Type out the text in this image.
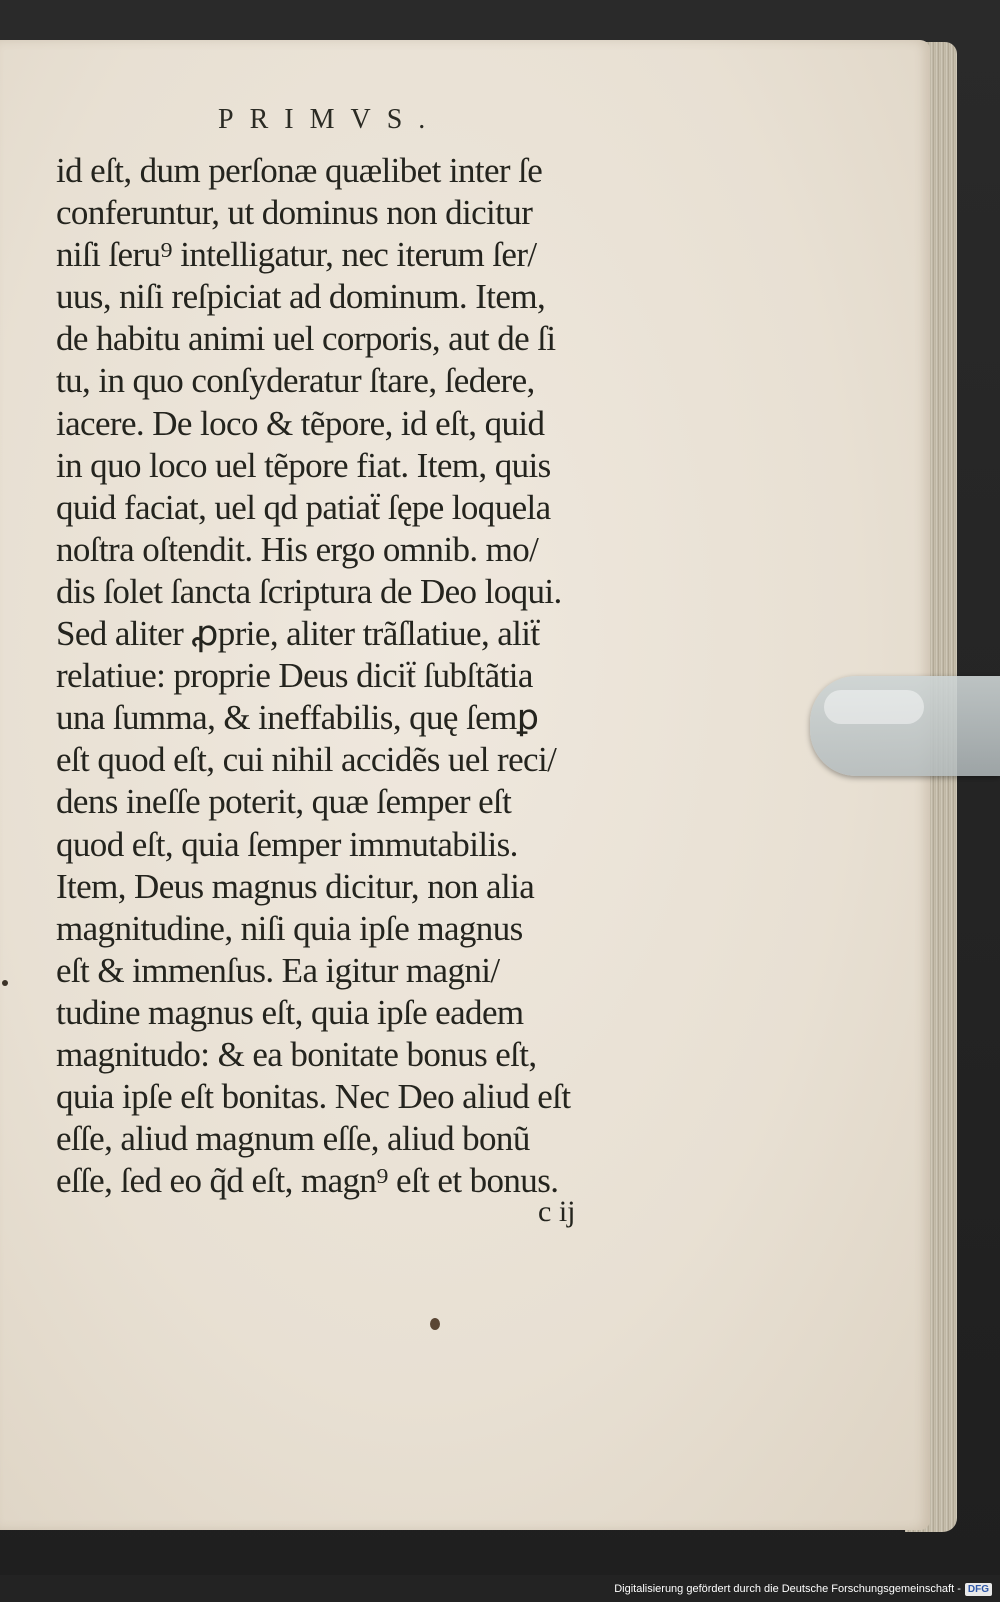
PRIMVS.
id eſt, dum perſonæ quælibet inter ſe
conferuntur, ut dominus non dicitur
niſi ſeru⁹ intelligatur, nec iterum ſer/
uus, niſi reſpiciat ad dominum. Item,
de habitu animi uel corporis, aut de ſi
tu, in quo conſyderatur ſtare, ſedere,
iacere. De loco & tẽpore, id eſt, quid
in quo loco uel tẽpore fiat. Item, quis
quid faciat, uel qd patiaẗ ſępe loquela
noſtra oſtendit. His ergo omnib. mo/
dis ſolet ſancta ſcriptura de Deo loqui.
Sed aliter ꝓprie, aliter trãſlatiue, aliẗ
relatiue: proprie Deus diciẗ ſubſtãtia
una ſumma, & ineffabilis, quę ſemꝑ
eſt quod eſt, cui nihil accidẽs uel reci/
dens ineſſe poterit, quæ ſemper eſt
quod eſt, quia ſemper immutabilis.
Item, Deus magnus dicitur, non alia
magnitudine, niſi quia ipſe magnus
eſt & immenſus. Ea igitur magni/
tudine magnus eſt, quia ipſe eadem
magnitudo: & ea bonitate bonus eſt,
quia ipſe eſt bonitas. Nec Deo aliud eſt
eſſe, aliud magnum eſſe, aliud bonũ
eſſe, ſed eo q̃d eſt, magn⁹ eſt et bonus.
c ij
Digitalisierung gefördert durch die Deutsche Forschungsgemeinschaft - DFG
